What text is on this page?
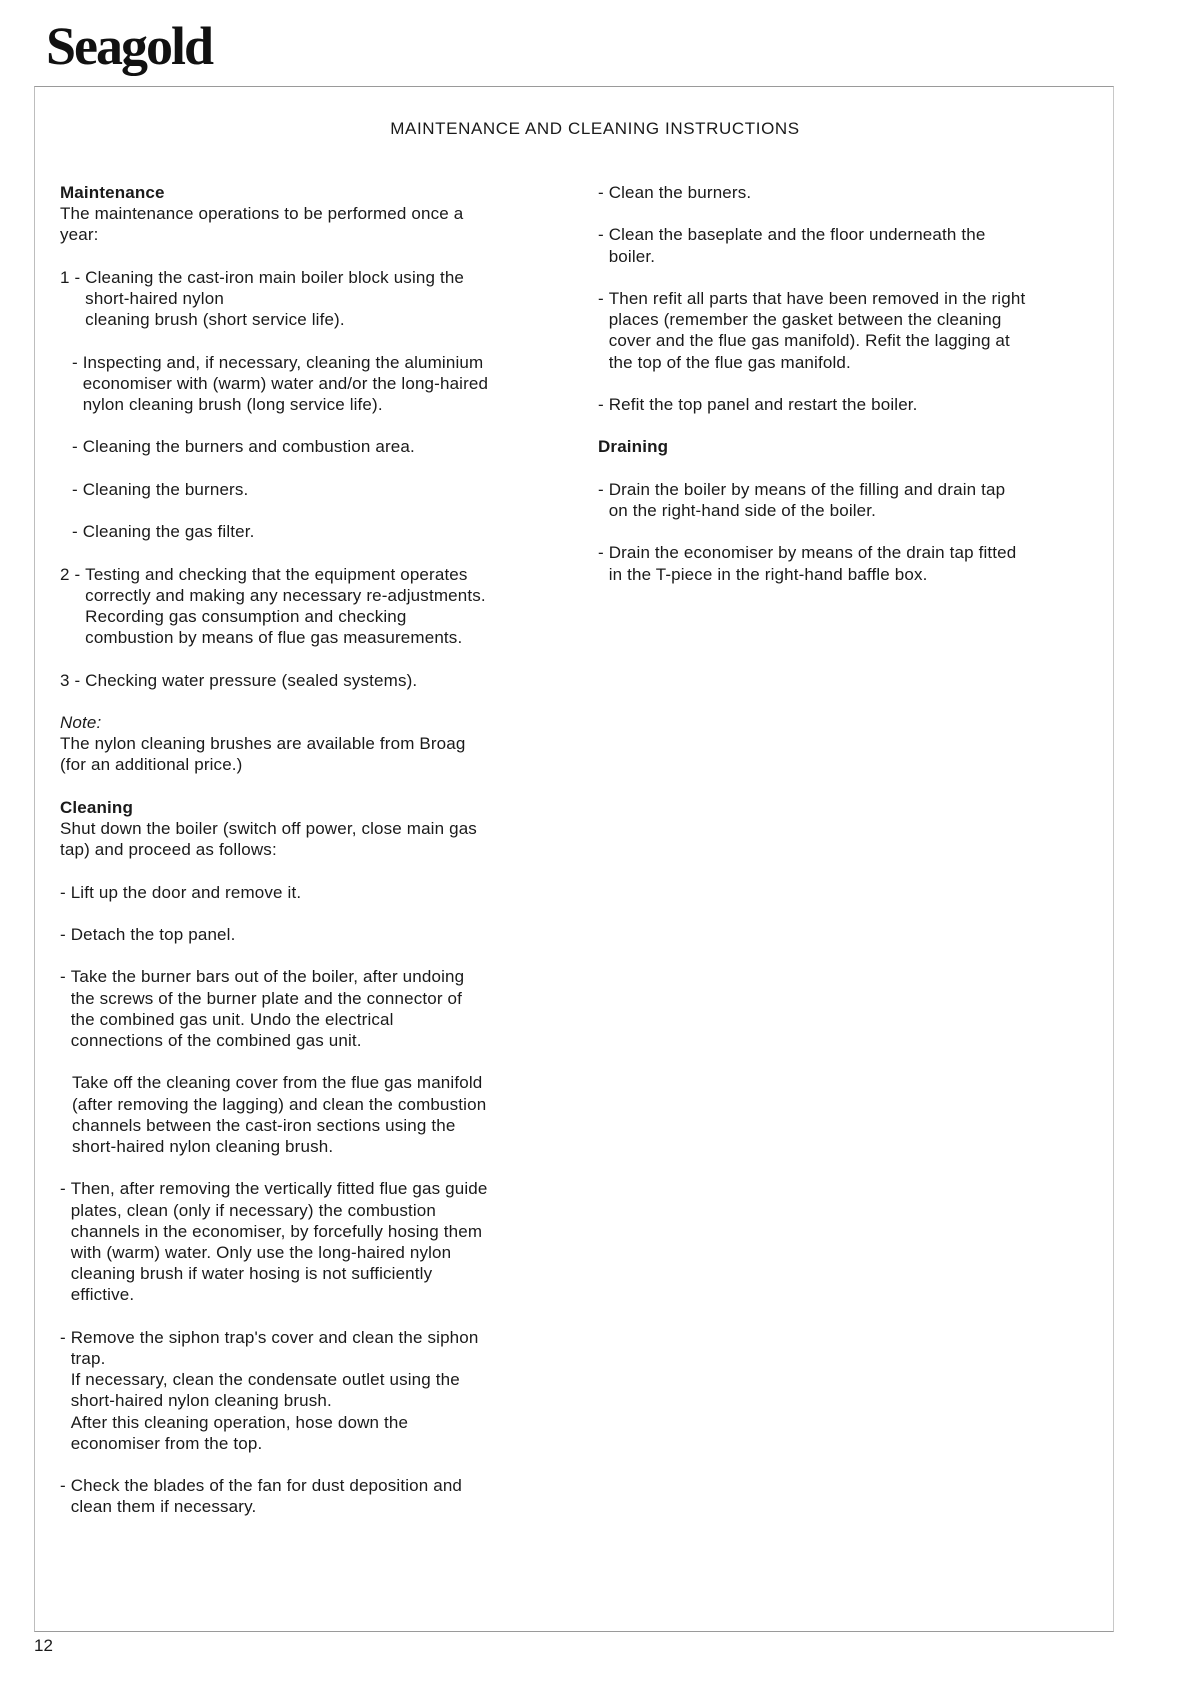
Seagold
MAINTENANCE AND CLEANING INSTRUCTIONS
Maintenance

The maintenance operations to be performed once a
year:

1 - Cleaning the cast-iron main boiler block using the
short-haired nylon
cleaning brush (short service life).
- Inspecting and, if necessary, cleaning the aluminium
economiser with (warm) water and/or the long-haired
nylon cleaning brush (long service life).
- Cleaning the burners and combustion area.
- Cleaning the burners.
- Cleaning the gas filter.
2 - Testing and checking that the equipment operates
correctly and making any necessary re-adjustments.
Recording gas consumption and checking
combustion by means of flue gas measurements.
3 - Checking water pressure (sealed systems).
Note:

The nylon cleaning brushes are available from Broag
(for an additional price.)

Cleaning

Shut down the boiler (switch off power, close main gas
tap) and proceed as follows:

- Lift up the door and remove it.
- Detach the top panel.
- Take the burner bars out of the boiler, after undoing
the screws of the burner plate and the connector of
the combined gas unit. Undo the electrical
connections of the combined gas unit.
Take off the cleaning cover from the flue gas manifold
(after removing the lagging) and clean the combustion
channels between the cast-iron sections using the
short-haired nylon cleaning brush.
- Then, after removing the vertically fitted flue gas guide
plates, clean (only if necessary) the combustion
channels in the economiser, by forcefully hosing them
with (warm) water. Only use the long-haired nylon
cleaning brush if water hosing is not sufficiently
effictive.
- Remove the siphon trap's cover and clean the siphon
trap.
If necessary, clean the condensate outlet using the
short-haired nylon cleaning brush.
After this cleaning operation, hose down the
economiser from the top.
- Check the blades of the fan for dust deposition and
clean them if necessary.
- Clean the burners.
- Clean the baseplate and the floor underneath the
boiler.
- Then refit all parts that have been removed in the right
places (remember the gasket between the cleaning
cover and the flue gas manifold). Refit the lagging at
the top of the flue gas manifold.
- Refit the top panel and restart the boiler.
Draining
- Drain the boiler by means of the filling and drain tap
on the right-hand side of the boiler.
- Drain the economiser by means of the drain tap fitted
in the T-piece in the right-hand baffle box.
12
